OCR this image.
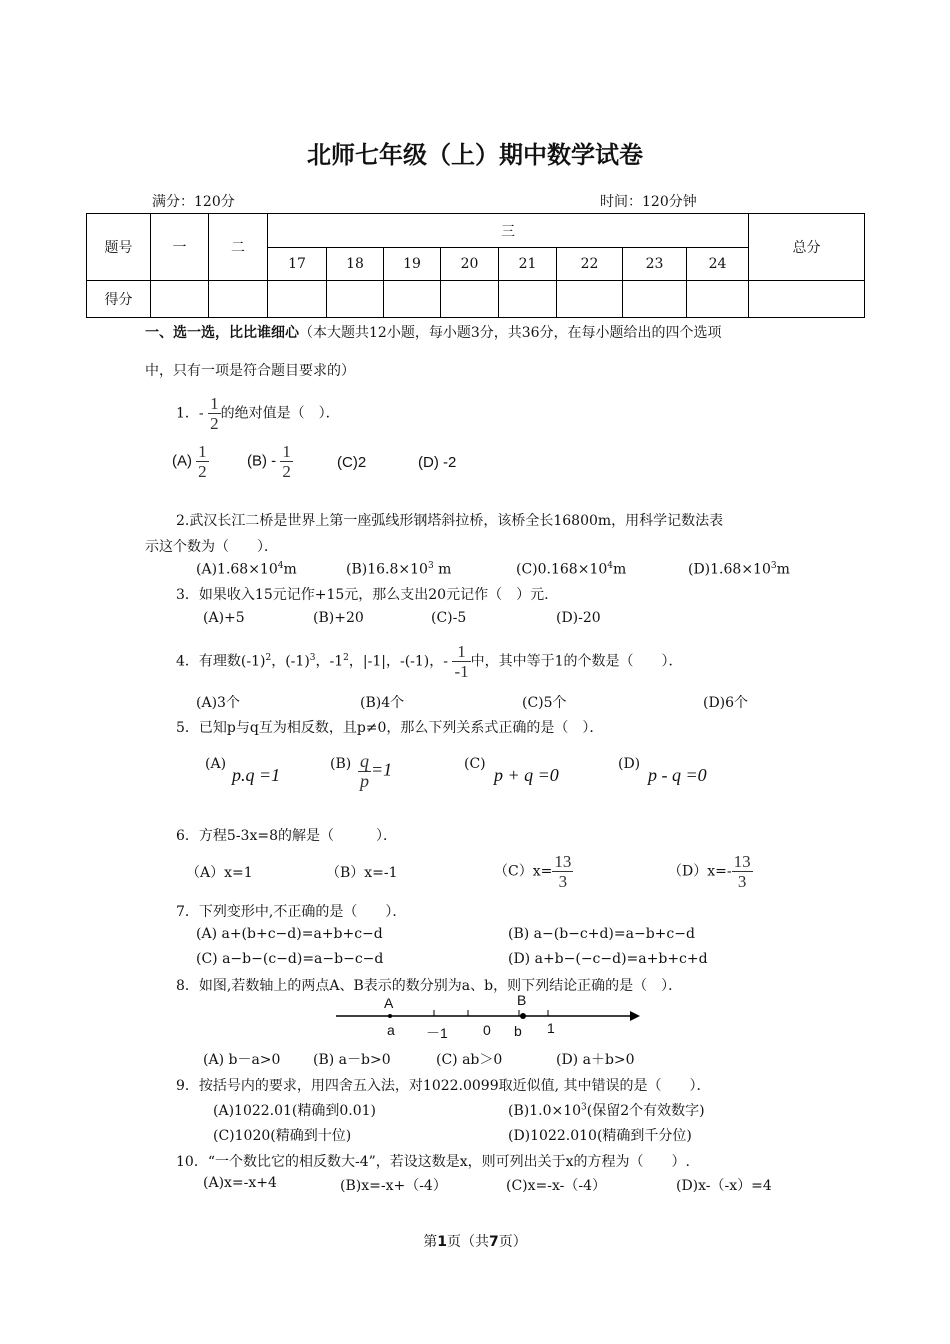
北师七年级（上）期中数学试卷
满分：120分	时间：120分钟
题号	一	二	三								总分
			17	18	19	20	21	22	23	24	
得分											
一、选一选，比比谁细心（本大题共12小题，每小题3分，共36分，在每小题给出的四个选项
中，只有一项是符合题目要求的）
1．- $\frac{1}{2}$ 的绝对值是（　）．
$(A) \frac{1}{2}$	$(B) - \frac{1}{2}$	(C)2	(D) -2
2.武汉长江二桥是世界上第一座弧线形钢塔斜拉桥，该桥全长16800m，用科学记数法表
示这个数为（　　）．
$(A)1.68\times 10^4m$	$(B)16.8\times 10^3$ m	$(C)0.168\times 10^4m$	$(D)1.68\times 10^3m$
3．如果收入15元记作+15元，那么支出20元记作（　）元.
(A)+5	(B)+20	(C)-5	(D)-20
4．有理数$(-1)^2$，$(-1)^3$，$-1^2$，|-1|，-(-1)，- $\frac{1}{-1}$ 中，其中等于1的个数是（　　）．
(A)3个	(B)4个	(C)5个	(D)6个
5．已知p与q互为相反数，且p≠0，那么下列关系式正确的是（　）．
(A)
p.q =1
$(B) \frac{q}{p} =1$	(C)
p + q =0
(D)
p - q =0
6．方程5-3x=8的解是（　　　）．
（A）x=1	（B）x=-1	$(C)x= \frac{13}{3}$	$(D)x=- \frac{13}{3}$
7．下列变形中,不正确的是（　　）．
(A) a+(b+c−d)=a+b+c−d	(B) a−(b−c+d)=a−b+c−d
(C) a−b−(c−d)=a−b−c−d	(D) a+b−(−c−d)=a+b+c+d
8．如图,若数轴上的两点A、B表示的数分别为a、b，则下列结论正确的是（　）．
A	B
a －1	0 b 1
(A) b－a>0 (B) a－b>0	(C) ab＞0	(D) a＋b>0
9．按括号内的要求，用四舍五入法，对1022.0099取近似值, 其中错误的是（　　）．
(A)1022.01(精确到0.01)	$(B)1.0\times 10^3$(保留2个有效数字)
(C)1020(精确到十位)	(D)1022.010(精确到千分位)
10．“一个数比它的相反数大-4”，若设这数是x，则可列出关于x的方程为（　　）.
(A)x=-x+4	(B)x=-x+（-4）	(C)x=-x-（-4）	(D)x-（-x）=4
第1页（共7页）
